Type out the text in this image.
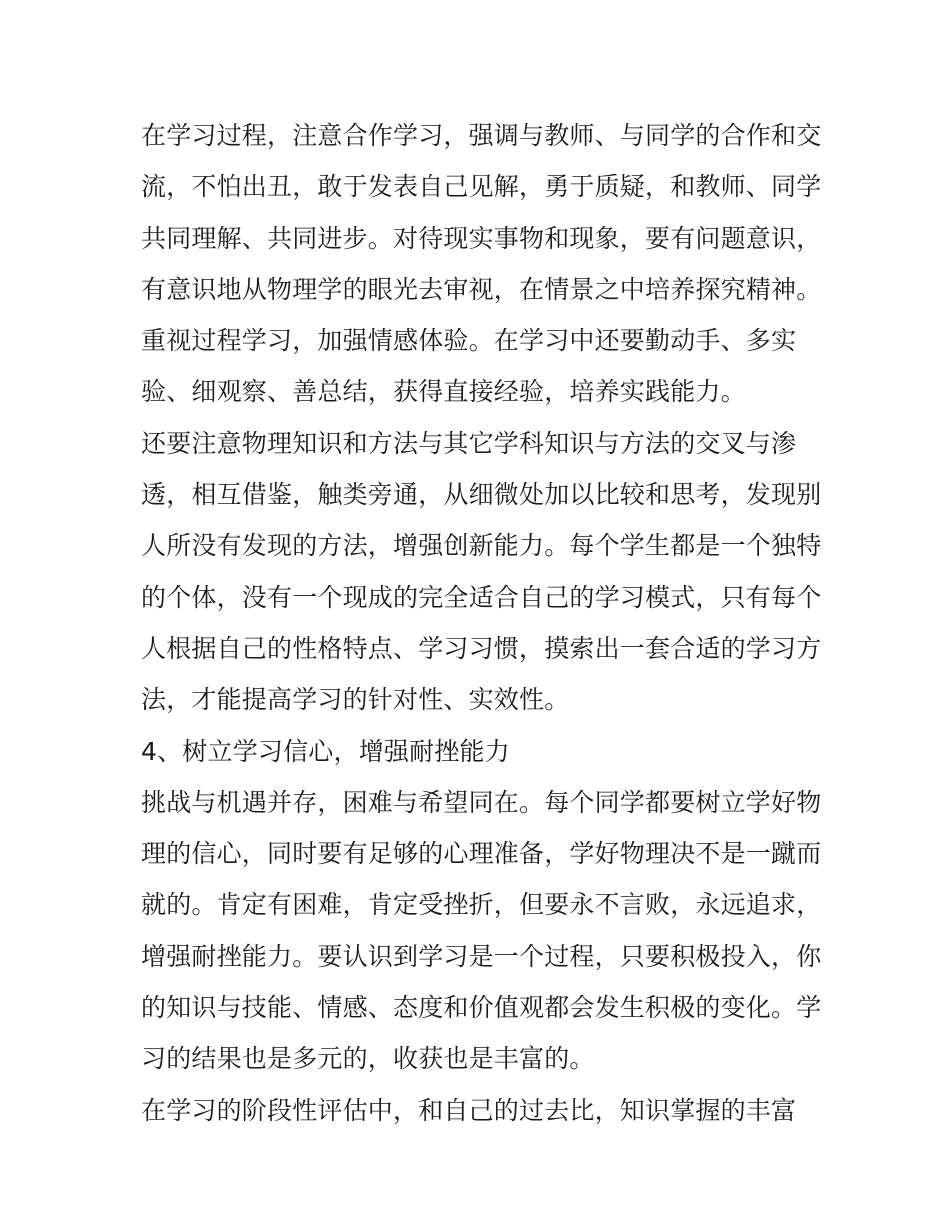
在学习过程，注意合作学习，强调与教师、与同学的合作和交
流，不怕出丑，敢于发表自己见解，勇于质疑，和教师、同学
共同理解、共同进步。对待现实事物和现象，要有问题意识，
有意识地从物理学的眼光去审视，在情景之中培养探究精神。
重视过程学习，加强情感体验。在学习中还要勤动手、多实
验、细观察、善总结，获得直接经验，培养实践能力。
还要注意物理知识和方法与其它学科知识与方法的交叉与渗
透，相互借鉴，触类旁通，从细微处加以比较和思考，发现别
人所没有发现的方法，增强创新能力。每个学生都是一个独特
的个体，没有一个现成的完全适合自己的学习模式，只有每个
人根据自己的性格特点、学习习惯，摸索出一套合适的学习方
法，才能提高学习的针对性、实效性。
4、树立学习信心，增强耐挫能力
挑战与机遇并存，困难与希望同在。每个同学都要树立学好物
理的信心，同时要有足够的心理准备，学好物理决不是一蹴而
就的。肯定有困难，肯定受挫折，但要永不言败，永远追求，
增强耐挫能力。要认识到学习是一个过程，只要积极投入，你
的知识与技能、情感、态度和价值观都会发生积极的变化。学
习的结果也是多元的，收获也是丰富的。
在学习的阶段性评估中，和自己的过去比，知识掌握的丰富
